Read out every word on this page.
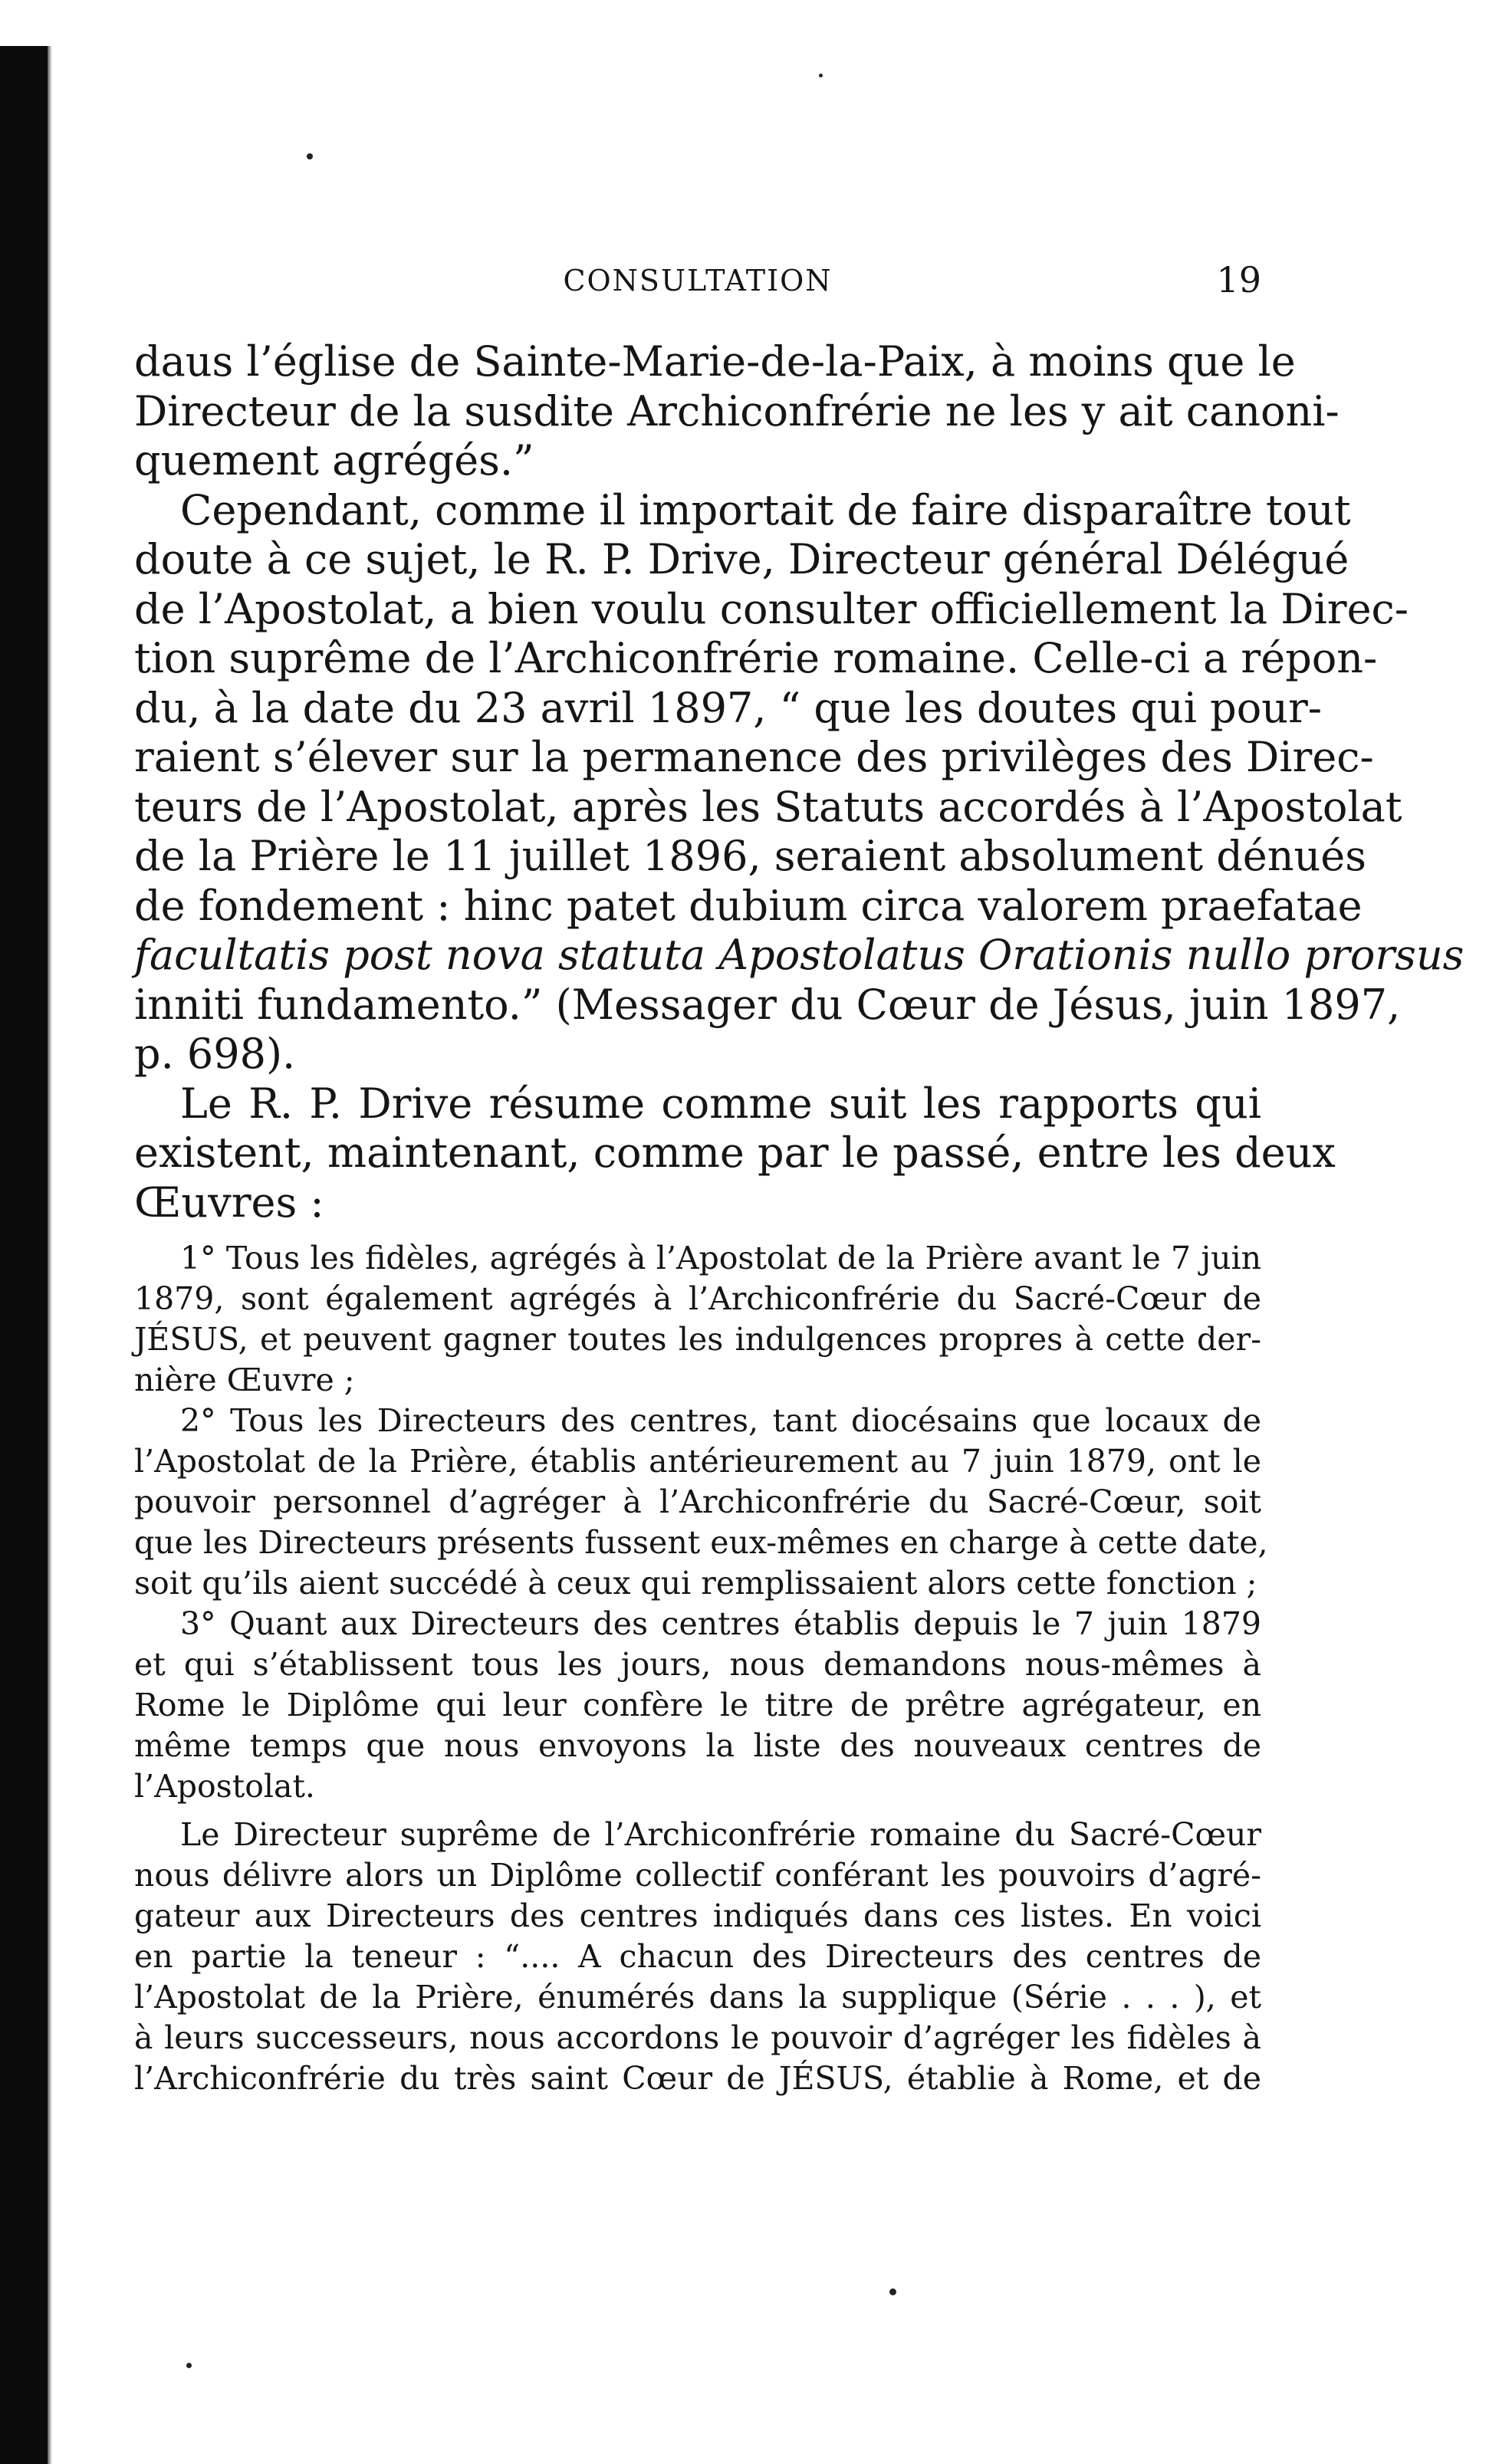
CONSULTATION	19

daus l’église de Sainte-Marie-de-la-Paix, à moins que le
Directeur de la susdite Archiconfrérie ne les y ait canoni-
quement agrégés.”

Cependant, comme il importait de faire disparaître tout
doute à ce sujet, le R. P. Drive, Directeur général Délégué
de l’Apostolat, a bien voulu consulter officiellement la Direc-
tion suprême de l’Archiconfrérie romaine. Celle-ci a répon-
du, à la date du 23 avril 1897, “ que les doutes qui pour-
raient s’élever sur la permanence des privilèges des Direc-
teurs de l’Apostolat, après les Statuts accordés à l’Apostolat
de la Prière le 11 juillet 1896, seraient absolument dénués
de fondement : hinc patet dubium circa valorem praefatae
facultatis post nova statuta Apostolatus Orationis nullo prorsus
inniti fundamento.” (Messager du Cœur de Jésus, juin 1897,
p. 698).

Le R. P. Drive résume comme suit les rapports qui
existent, maintenant, comme par le passé, entre les deux
Œuvres :

1° Tous les fidèles, agrégés à l’Apostolat de la Prière avant le 7 juin
1879, sont également agrégés à l’Archiconfrérie du Sacré-Cœur de
JÉSUS, et peuvent gagner toutes les indulgences propres à cette der-
nière Œuvre ;

2° Tous les Directeurs des centres, tant diocésains que locaux de
l’Apostolat de la Prière, établis antérieurement au 7 juin 1879, ont le
pouvoir personnel d’agréger à l’Archiconfrérie du Sacré-Cœur, soit
que les Directeurs présents fussent eux-mêmes en charge à cette date,
soit qu’ils aient succédé à ceux qui remplissaient alors cette fonction ;

3° Quant aux Directeurs des centres établis depuis le 7 juin 1879
et qui s’établissent tous les jours, nous demandons nous-mêmes à
Rome le Diplôme qui leur confère le titre de prêtre agrégateur, en
même temps que nous envoyons la liste des nouveaux centres de
l’Apostolat.

Le Directeur suprême de l’Archiconfrérie romaine du Sacré-Cœur
nous délivre alors un Diplôme collectif conférant les pouvoirs d’agré-
gateur aux Directeurs des centres indiqués dans ces listes. En voici
en partie la teneur : “.... A chacun des Directeurs des centres de
l’Apostolat de la Prière, énumérés dans la supplique (Série . . . ), et
à leurs successeurs, nous accordons le pouvoir d’agréger les fidèles à
l’Archiconfrérie du très saint Cœur de JÉSUS, établie à Rome, et de
